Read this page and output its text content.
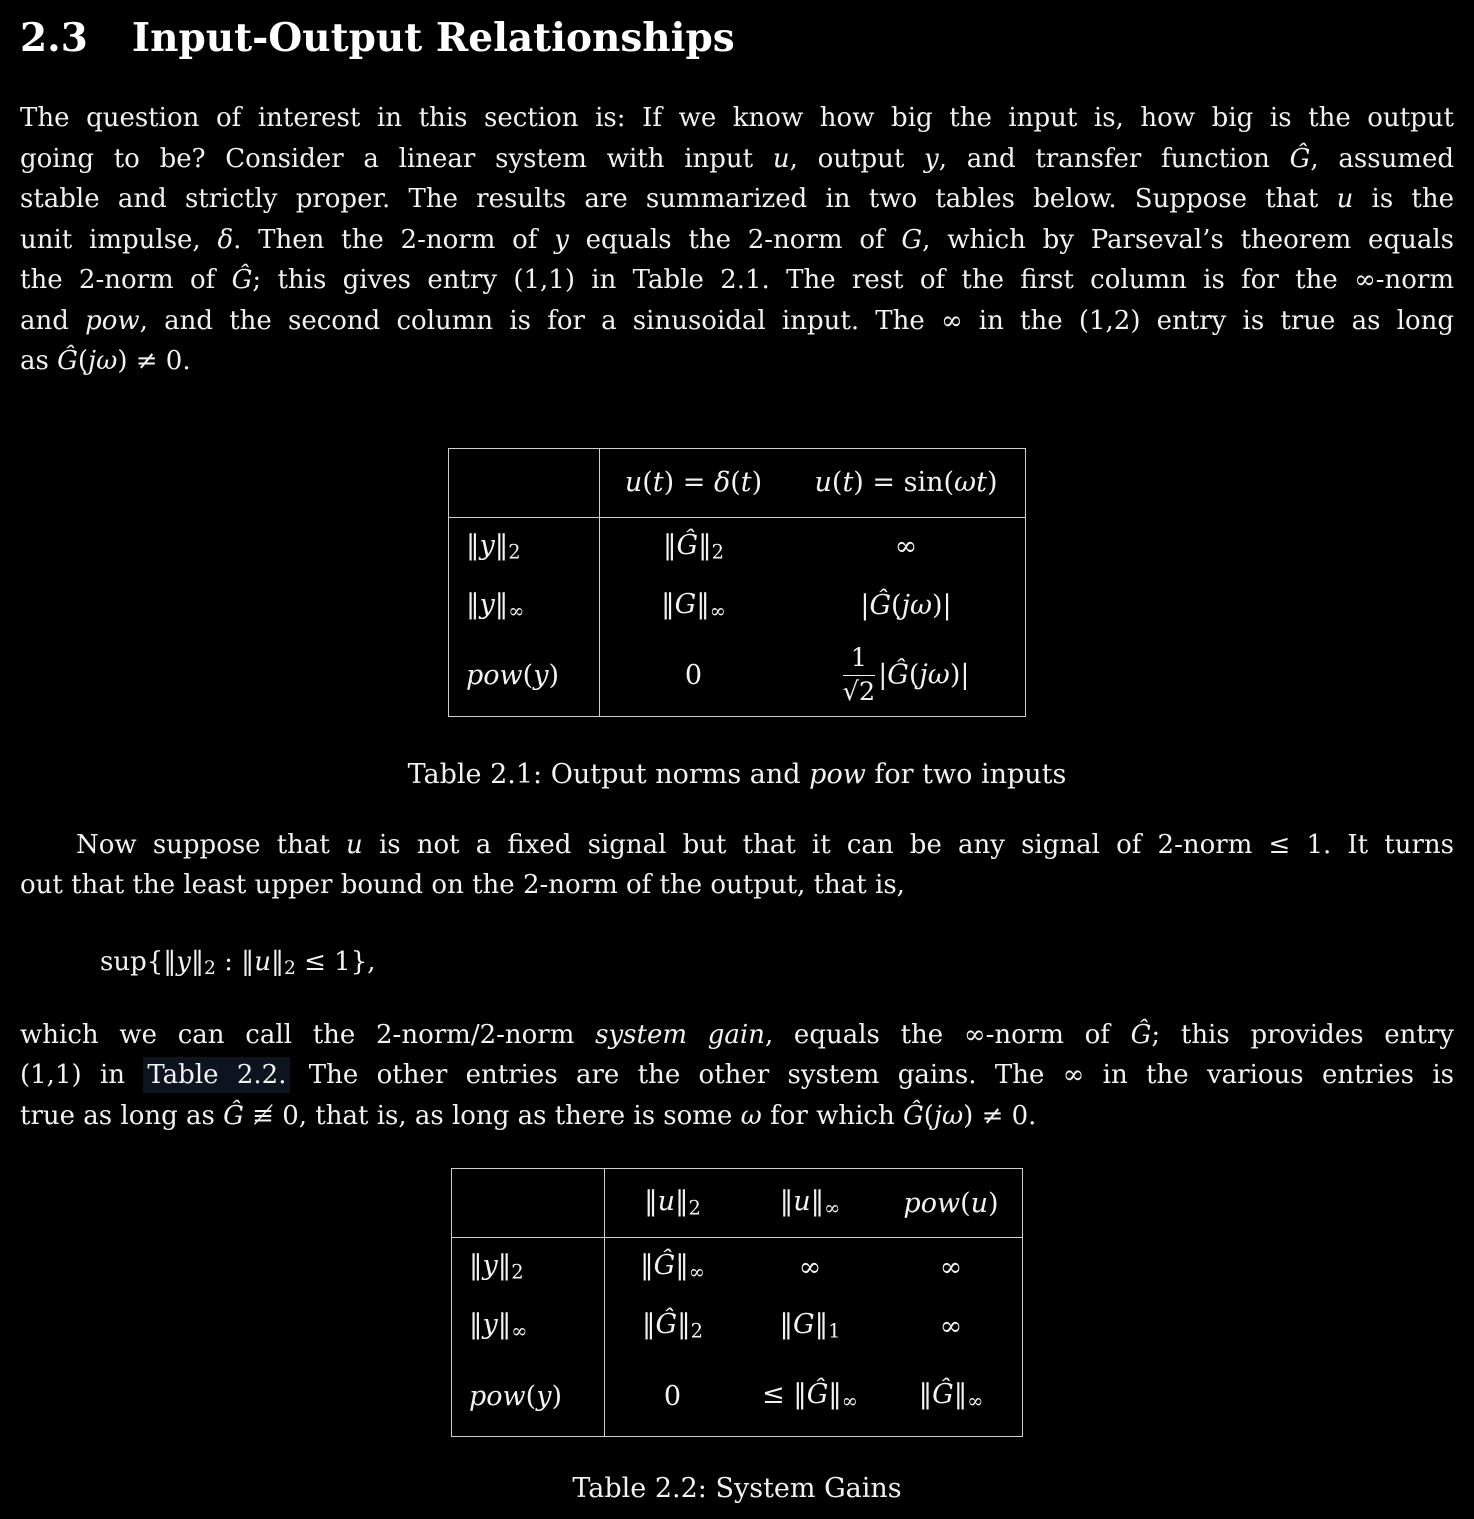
2.3 Input-Output Relationships
The question of interest in this section is: If we know how big the input is, how big is the output
going to be? Consider a linear system with input u, output y, and transfer function Ĝ, assumed
stable and strictly proper. The results are summarized in two tables below. Suppose that u is the
unit impulse, δ. Then the 2-norm of y equals the 2-norm of G, which by Parseval’s theorem equals
the 2-norm of Ĝ; this gives entry (1,1) in Table 2.1. The rest of the first column is for the ∞-norm
and pow, and the second column is for a sinusoidal input. The ∞ in the (1,2) entry is true as long
as Ĝ(jω) ≠ 0.
	u(t) = δ(t)	u(t) = sin(ωt)
$‖y‖_2$	$‖Ĝ‖_2$	∞
$‖y‖_\infty$	$‖G‖_\infty$	|Ĝ(jω)|
pow(y)	0	$\frac{1}{√2}$ |Ĝ(jω)|
Table 2.1: Output norms and pow for two inputs
Now suppose that u is not a fixed signal but that it can be any signal of 2-norm ≤ 1. It turns
out that the least upper bound on the 2-norm of the output, that is,
$sup\{‖y‖_2$ : $‖u‖_2 \le 1$},
which we can call the 2-norm/2-norm system gain, equals the ∞-norm of Ĝ; this provides entry
(1,1) in Table 2.2. The other entries are the other system gains. The ∞ in the various entries is
true as long as Ĝ ≢ 0, that is, as long as there is some ω for which Ĝ(jω) ≠ 0.
	$‖u‖_2$	$‖u‖_\infty$	pow(u)
$‖y‖_2$	$‖Ĝ‖_\infty$	∞	∞
$‖y‖_\infty$	$‖Ĝ‖_2$	$‖G‖_1$	∞
pow(y)	0	≤ $‖Ĝ‖_\infty$	$‖Ĝ‖_\infty$
Table 2.2: System Gains
